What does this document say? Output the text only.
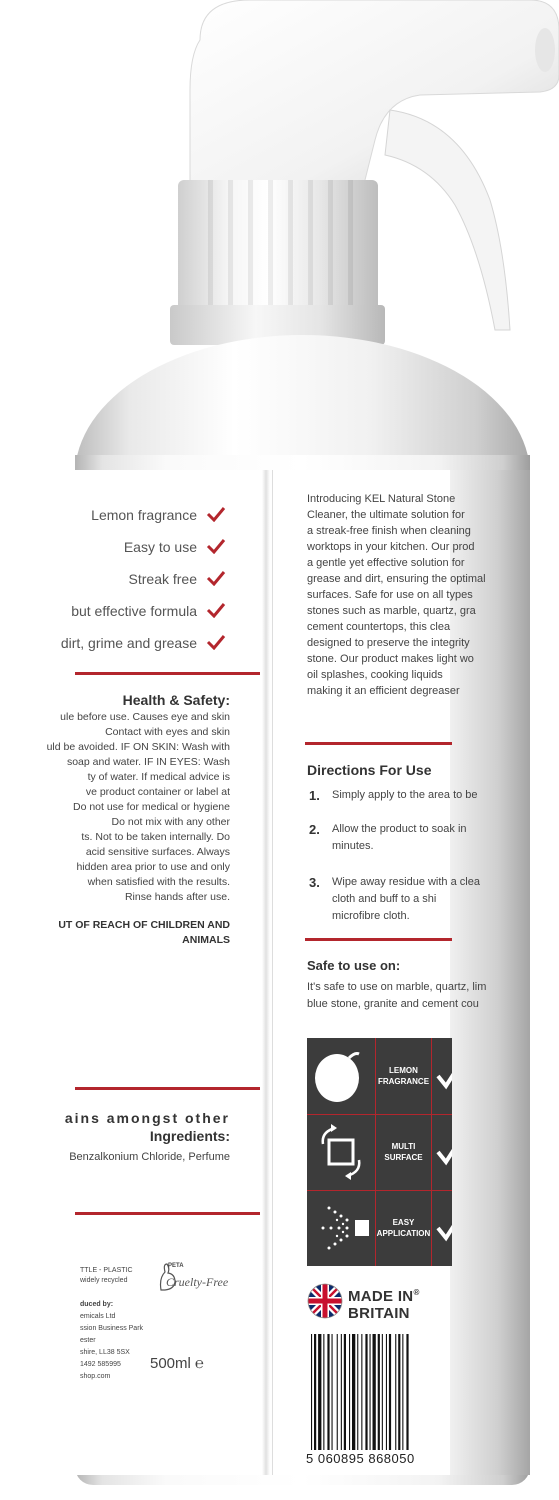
Lemon fragrance
Easy to use
Streak free
but effective formula
dirt, grime and grease
Health & Safety:
ule before use. Causes eye and skin
Contact with eyes and skin
uld be avoided. IF ON SKIN: Wash with
soap and water. IF IN EYES: Wash
ty of water. If medical advice is
ve product container or label at
Do not use for medical or hygiene
Do not mix with any other
ts. Not to be taken internally. Do
acid sensitive surfaces. Always
hidden area prior to use and only
when satisfied with the results.
Rinse hands after use.
UT OF REACH OF CHILDREN AND
ANIMALS
ains amongst other
Ingredients:
Benzalkonium Chloride, Perfume
TTLE - PLASTIC
widely recycled
PETA
Cruelty-Free
duced by:
emicals Ltd
ssion Business Park
ester
shire, LL38 5SX
1492 585995
shop.com
500ml ℮
Introducing KEL Natural Stone
Cleaner, the ultimate solution for
a streak-free finish when cleaning
worktops in your kitchen. Our prod
a gentle yet effective solution for
grease and dirt, ensuring the optimal
surfaces. Safe for use on all types
stones such as marble, quartz, gra
cement countertops, this clea
designed to preserve the integrity
stone. Our product makes light wo
oil splashes, cooking liquids
making it an efficient degreaser
Directions For Use
1. Simply apply to the area to be
2. Allow the product to soak in
minutes.
3. Wipe away residue with a clea
cloth and buff to a shi
microfibre cloth.
Safe to use on:
It's safe to use on marble, quartz, lim
blue stone, granite and cement cou
LEMON
FRAGRANCE
MULTI
SURFACE
EASY
APPLICATION
MADE IN®
BRITAIN
5 060895 868050
